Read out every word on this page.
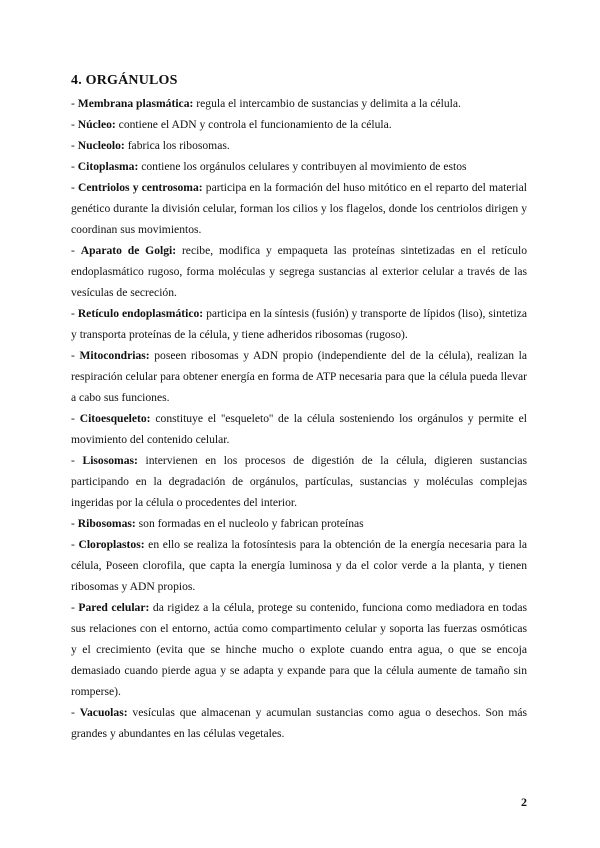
4. ORGÁNULOS

- Membrana plasmática: regula el intercambio de sustancias y delimita a la célula.

- Núcleo: contiene el ADN y controla el funcionamiento de la célula.

- Nucleolo: fabrica los ribosomas.

- Citoplasma: contiene los orgánulos celulares y contribuyen al movimiento de estos

- Centriolos y centrosoma: participa en la formación del huso mitótico en el reparto del material genético durante la división celular, forman los cilios y los flagelos, donde los centriolos dirigen y coordinan sus movimientos.

- Aparato de Golgi: recibe, modifica y empaqueta las proteínas sintetizadas en el retículo endoplasmático rugoso, forma moléculas y segrega sustancias al exterior celular a través de las vesículas de secreción.

- Retículo endoplasmático: participa en la síntesis (fusión) y transporte de lípidos (liso), sintetiza y transporta proteínas de la célula, y tiene adheridos ribosomas (rugoso).

- Mitocondrias: poseen ribosomas y ADN propio (independiente del de la célula), realizan la respiración celular para obtener energía en forma de ATP necesaria para que la célula pueda llevar a cabo sus funciones.

- Citoesqueleto: constituye el ''esqueleto'' de la célula sosteniendo los orgánulos y permite el movimiento del contenido celular.

- Lisosomas: intervienen en los procesos de digestión de la célula, digieren sustancias participando en la degradación de orgánulos, partículas, sustancias y moléculas complejas ingeridas por la célula o procedentes del interior.

- Ribosomas: son formadas en el nucleolo y fabrican proteínas

- Cloroplastos: en ello se realiza la fotosíntesis para la obtención de la energía necesaria para la célula, Poseen clorofila, que capta la energía luminosa y da el color verde a la planta, y tienen ribosomas y ADN propios.

- Pared celular: da rigidez a la célula, protege su contenido, funciona como mediadora en todas sus relaciones con el entorno, actúa como compartimento celular y soporta las fuerzas osmóticas y el crecimiento (evita que se hinche mucho o explote cuando entra agua, o que se encoja demasiado cuando pierde agua y se adapta y expande para que la célula aumente de tamaño sin romperse).

- Vacuolas: vesículas que almacenan y acumulan sustancias como agua o desechos. Son más grandes y abundantes en las células vegetales.

2
